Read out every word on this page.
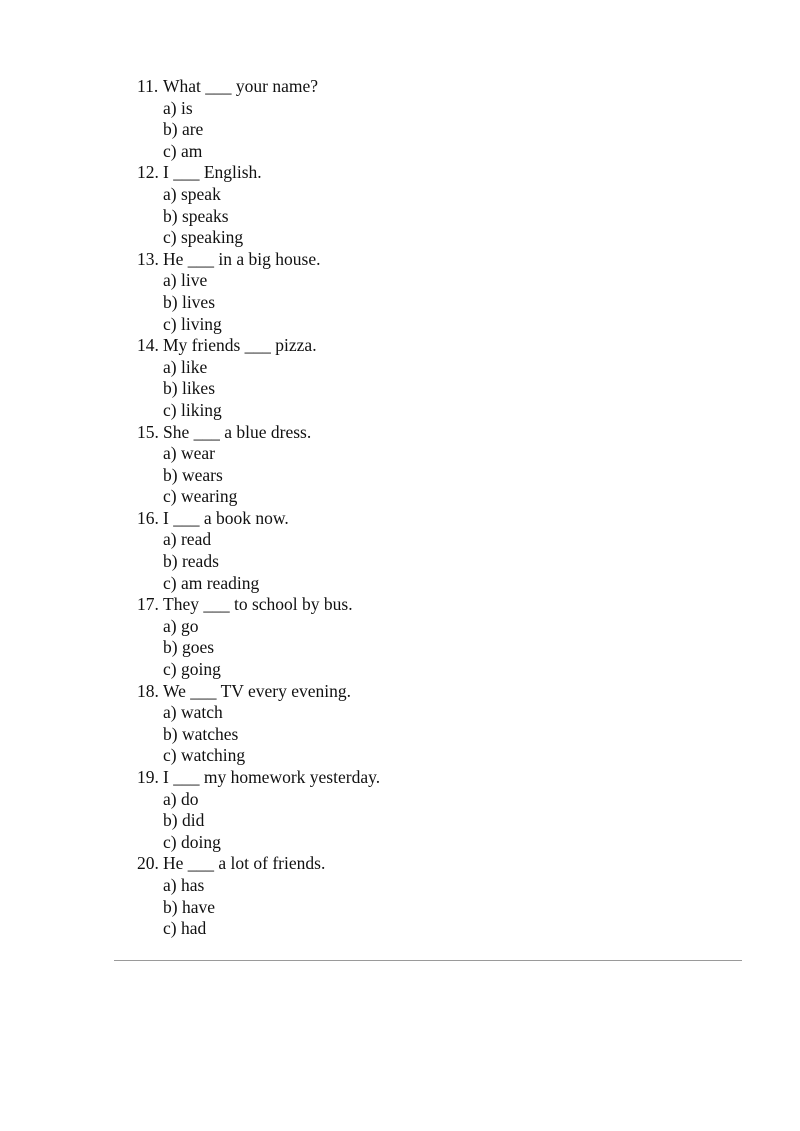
11. What ___ your name?
a) is
b) are
c) am
12. I ___ English.
a) speak
b) speaks
c) speaking
13. He ___ in a big house.
a) live
b) lives
c) living
14. My friends ___ pizza.
a) like
b) likes
c) liking
15. She ___ a blue dress.
a) wear
b) wears
c) wearing
16. I ___ a book now.
a) read
b) reads
c) am reading
17. They ___ to school by bus.
a) go
b) goes
c) going
18. We ___ TV every evening.
a) watch
b) watches
c) watching
19. I ___ my homework yesterday.
a) do
b) did
c) doing
20. He ___ a lot of friends.
a) has
b) have
c) had
